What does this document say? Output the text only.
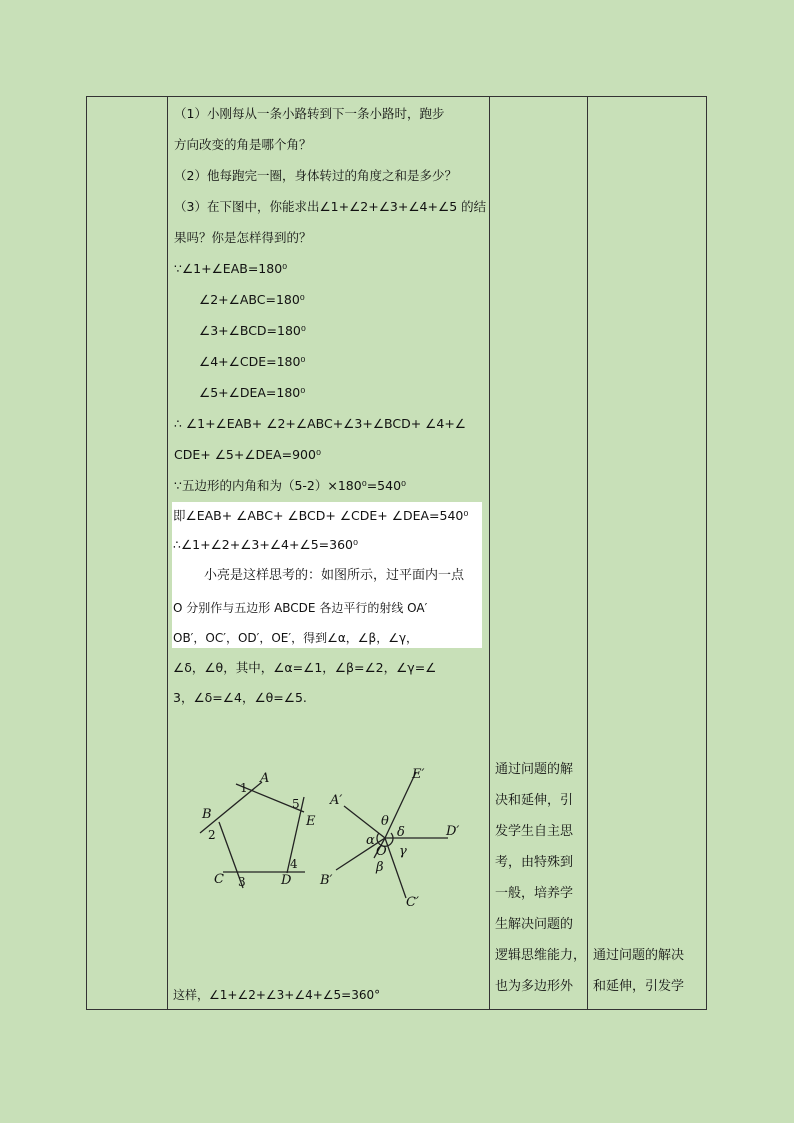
（1）小刚每从一条小路转到下一条小路时，跑步
方向改变的角是哪个角？
（2）他每跑完一圈，身体转过的角度之和是多少？
（3）在下图中，你能求出∠1+∠2+∠3+∠4+∠5 的结
果吗？你是怎样得到的？
∵∠1+∠EAB=180⁰
∠2+∠ABC=180⁰
∠3+∠BCD=180⁰
∠4+∠CDE=180⁰
∠5+∠DEA=180⁰
∴ ∠1+∠EAB+ ∠2+∠ABC+∠3+∠BCD+ ∠4+∠
CDE+ ∠5+∠DEA=900⁰
∵五边形的内角和为（5-2）×180⁰=540⁰
即∠EAB+ ∠ABC+ ∠BCD+ ∠CDE+ ∠DEA=540⁰
∴∠1+∠2+∠3+∠4+∠5=360⁰
小亮是这样思考的：如图所示，过平面内一点
O 分别作与五边形 ABCDE 各边平行的射线 OA′
OB′，OC′，OD′，OE′，得到∠α，∠β，∠γ，
∠δ，∠θ，其中，∠α=∠1，∠β=∠2，∠γ=∠
3，∠δ=∠4，∠θ=∠5.
这样，∠1+∠2+∠3+∠4+∠5=360°
通过问题的解
决和延伸，引
发学生自主思
考，由特殊到
一般，培养学
生解决问题的
逻辑思维能力，
也为多边形外
通过问题的解决
和延伸，引发学
A
B
C	D
E
1
2
3
4
5
E′
A′
D′
B′
C′
O
α
β
γ
δ
θ
